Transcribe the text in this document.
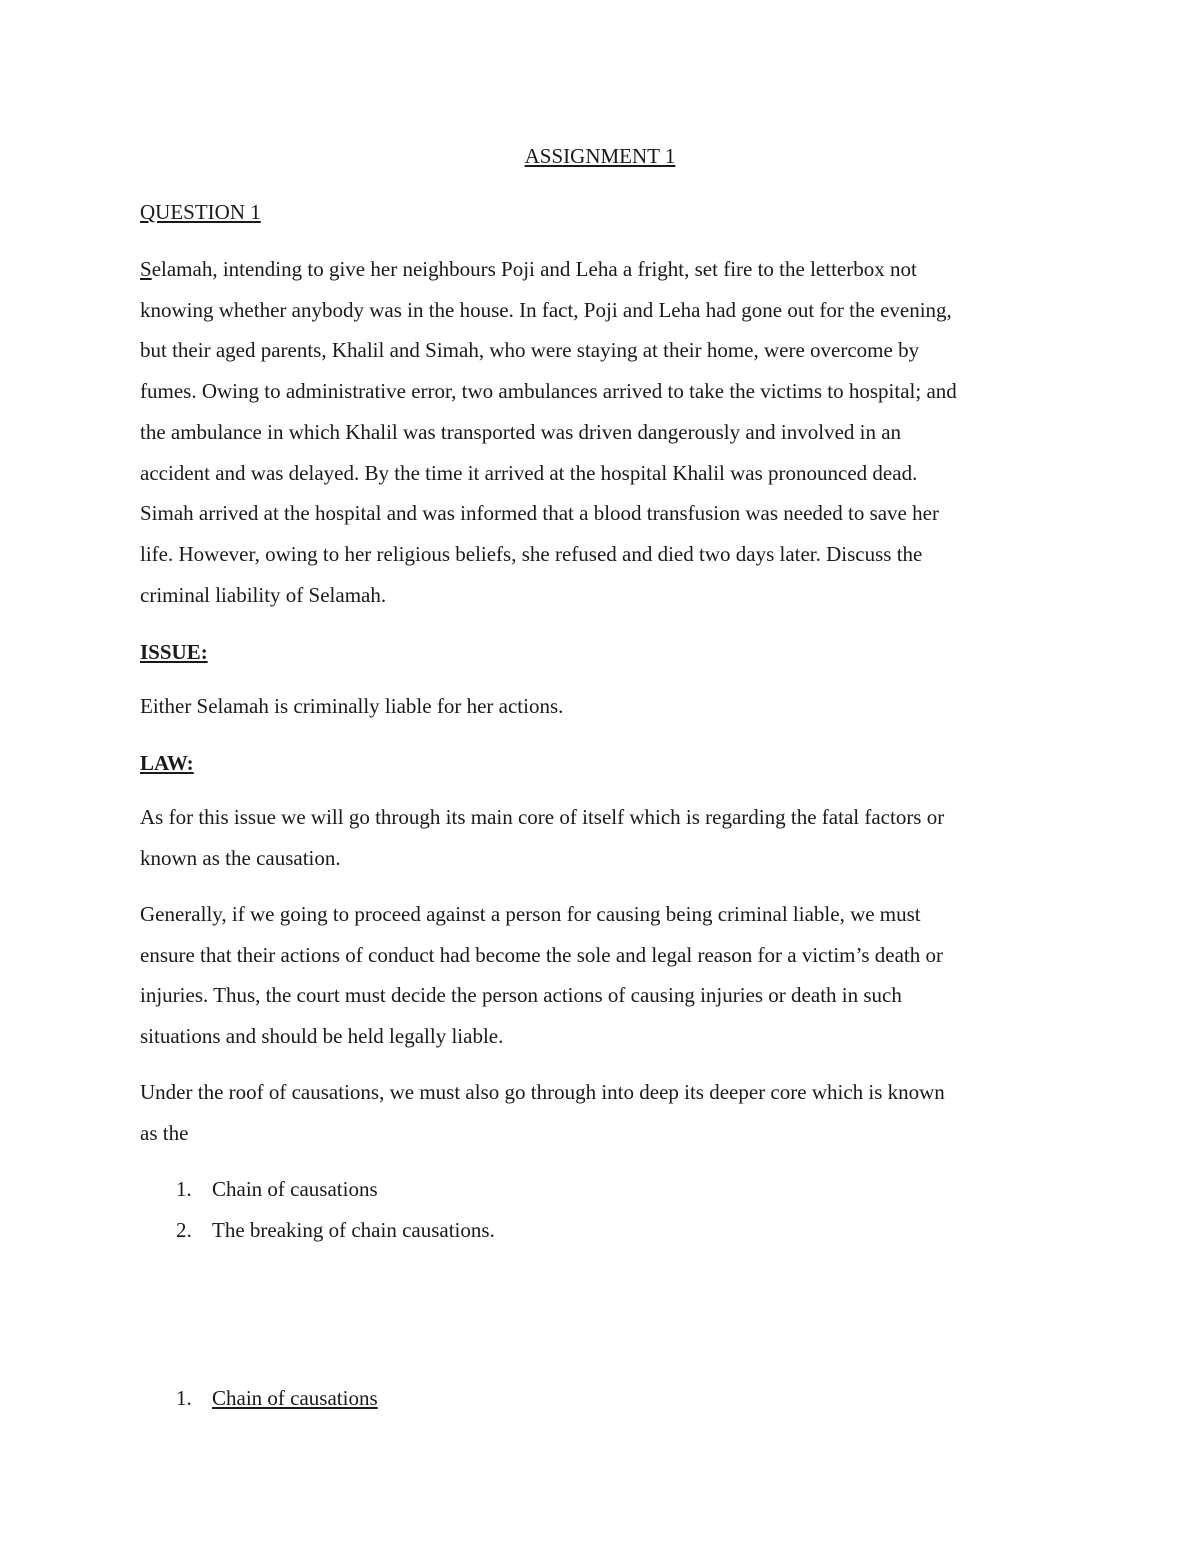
ASSIGNMENT 1
QUESTION 1
Selamah, intending to give her neighbours Poji and Leha a fright, set fire to the letterbox not
knowing whether anybody was in the house. In fact, Poji and Leha had gone out for the evening,
but their aged parents, Khalil and Simah, who were staying at their home, were overcome by
fumes. Owing to administrative error, two ambulances arrived to take the victims to hospital; and
the ambulance in which Khalil was transported was driven dangerously and involved in an
accident and was delayed. By the time it arrived at the hospital Khalil was pronounced dead.
Simah arrived at the hospital and was informed that a blood transfusion was needed to save her
life. However, owing to her religious beliefs, she refused and died two days later. Discuss the
criminal liability of Selamah.
ISSUE:
Either Selamah is criminally liable for her actions.
LAW:
As for this issue we will go through its main core of itself which is regarding the fatal factors or
known as the causation.
Generally, if we going to proceed against a person for causing being criminal liable, we must
ensure that their actions of conduct had become the sole and legal reason for a victim’s death or
injuries. Thus, the court must decide the person actions of causing injuries or death in such
situations and should be held legally liable.
Under the roof of causations, we must also go through into deep its deeper core which is known
as the
1. Chain of causations
2. The breaking of chain causations.
1. Chain of causations
